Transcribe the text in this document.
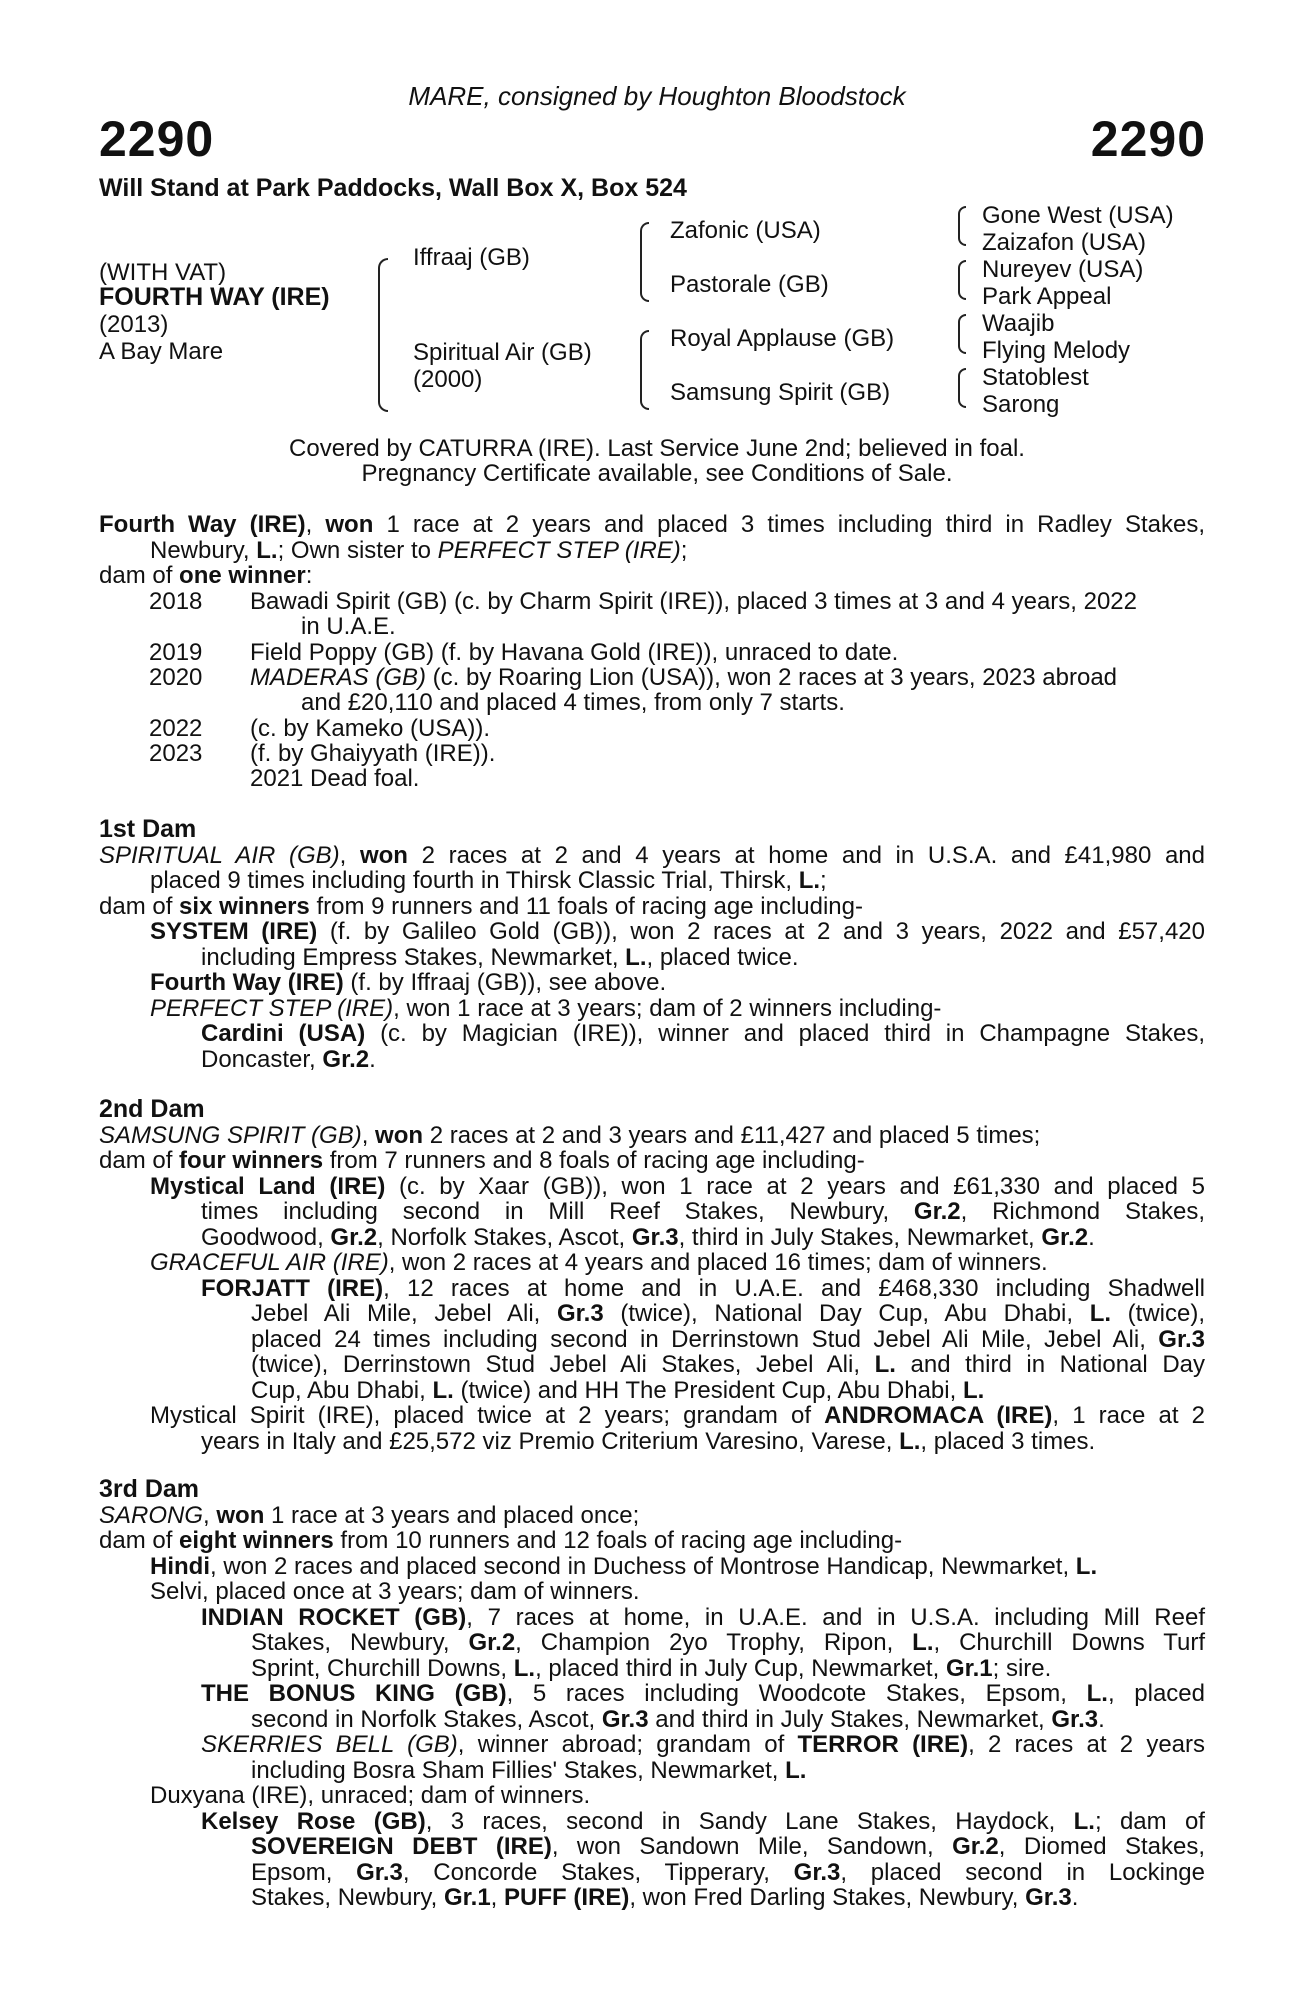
MARE, consigned by Houghton Bloodstock
2290	2290
Will Stand at Park Paddocks, Wall Box X, Box 524
(WITH VAT)
FOURTH WAY (IRE)
(2013)
A Bay Mare
Iffraaj (GB)
Spiritual Air (GB)
(2000)
Zafonic (USA)
Pastorale (GB)
Royal Applause (GB)
Samsung Spirit (GB)
Gone West (USA)
Zaizafon (USA)
Nureyev (USA)
Park Appeal
Waajib
Flying Melody
Statoblest
Sarong
Covered by CATURRA (IRE). Last Service June 2nd; believed in foal.
Pregnancy Certificate available, see Conditions of Sale.
Fourth Way (IRE), won 1 race at 2 years and placed 3 times including third in Radley Stakes,
Newbury, L.; Own sister to PERFECT STEP (IRE);
dam of one winner:
2018 Bawadi Spirit (GB) (c. by Charm Spirit (IRE)), placed 3 times at 3 and 4 years, 2022
in U.A.E.
2019 Field Poppy (GB) (f. by Havana Gold (IRE)), unraced to date.
2020 MADERAS (GB) (c. by Roaring Lion (USA)), won 2 races at 3 years, 2023 abroad
and £20,110 and placed 4 times, from only 7 starts.
2022 (c. by Kameko (USA)).
2023 (f. by Ghaiyyath (IRE)).
2021 Dead foal.
1st Dam
SPIRITUAL AIR (GB), won 2 races at 2 and 4 years at home and in U.S.A. and £41,980 and
placed 9 times including fourth in Thirsk Classic Trial, Thirsk, L.;
dam of six winners from 9 runners and 11 foals of racing age including-
SYSTEM (IRE) (f. by Galileo Gold (GB)), won 2 races at 2 and 3 years, 2022 and £57,420
including Empress Stakes, Newmarket, L., placed twice.
Fourth Way (IRE) (f. by Iffraaj (GB)), see above.
PERFECT STEP (IRE), won 1 race at 3 years; dam of 2 winners including-
Cardini (USA) (c. by Magician (IRE)), winner and placed third in Champagne Stakes,
Doncaster, Gr.2.
2nd Dam
SAMSUNG SPIRIT (GB), won 2 races at 2 and 3 years and £11,427 and placed 5 times;
dam of four winners from 7 runners and 8 foals of racing age including-
Mystical Land (IRE) (c. by Xaar (GB)), won 1 race at 2 years and £61,330 and placed 5
times including second in Mill Reef Stakes, Newbury, Gr.2, Richmond Stakes,
Goodwood, Gr.2, Norfolk Stakes, Ascot, Gr.3, third in July Stakes, Newmarket, Gr.2.
GRACEFUL AIR (IRE), won 2 races at 4 years and placed 16 times; dam of winners.
FORJATT (IRE), 12 races at home and in U.A.E. and £468,330 including Shadwell
Jebel Ali Mile, Jebel Ali, Gr.3 (twice), National Day Cup, Abu Dhabi, L. (twice),
placed 24 times including second in Derrinstown Stud Jebel Ali Mile, Jebel Ali, Gr.3
(twice), Derrinstown Stud Jebel Ali Stakes, Jebel Ali, L. and third in National Day
Cup, Abu Dhabi, L. (twice) and HH The President Cup, Abu Dhabi, L.
Mystical Spirit (IRE), placed twice at 2 years; grandam of ANDROMACA (IRE), 1 race at 2
years in Italy and £25,572 viz Premio Criterium Varesino, Varese, L., placed 3 times.
3rd Dam
SARONG, won 1 race at 3 years and placed once;
dam of eight winners from 10 runners and 12 foals of racing age including-
Hindi, won 2 races and placed second in Duchess of Montrose Handicap, Newmarket, L.
Selvi, placed once at 3 years; dam of winners.
INDIAN ROCKET (GB), 7 races at home, in U.A.E. and in U.S.A. including Mill Reef
Stakes, Newbury, Gr.2, Champion 2yo Trophy, Ripon, L., Churchill Downs Turf
Sprint, Churchill Downs, L., placed third in July Cup, Newmarket, Gr.1; sire.
THE BONUS KING (GB), 5 races including Woodcote Stakes, Epsom, L., placed
second in Norfolk Stakes, Ascot, Gr.3 and third in July Stakes, Newmarket, Gr.3.
SKERRIES BELL (GB), winner abroad; grandam of TERROR (IRE), 2 races at 2 years
including Bosra Sham Fillies' Stakes, Newmarket, L.
Duxyana (IRE), unraced; dam of winners.
Kelsey Rose (GB), 3 races, second in Sandy Lane Stakes, Haydock, L.; dam of
SOVEREIGN DEBT (IRE), won Sandown Mile, Sandown, Gr.2, Diomed Stakes,
Epsom, Gr.3, Concorde Stakes, Tipperary, Gr.3, placed second in Lockinge
Stakes, Newbury, Gr.1, PUFF (IRE), won Fred Darling Stakes, Newbury, Gr.3.
